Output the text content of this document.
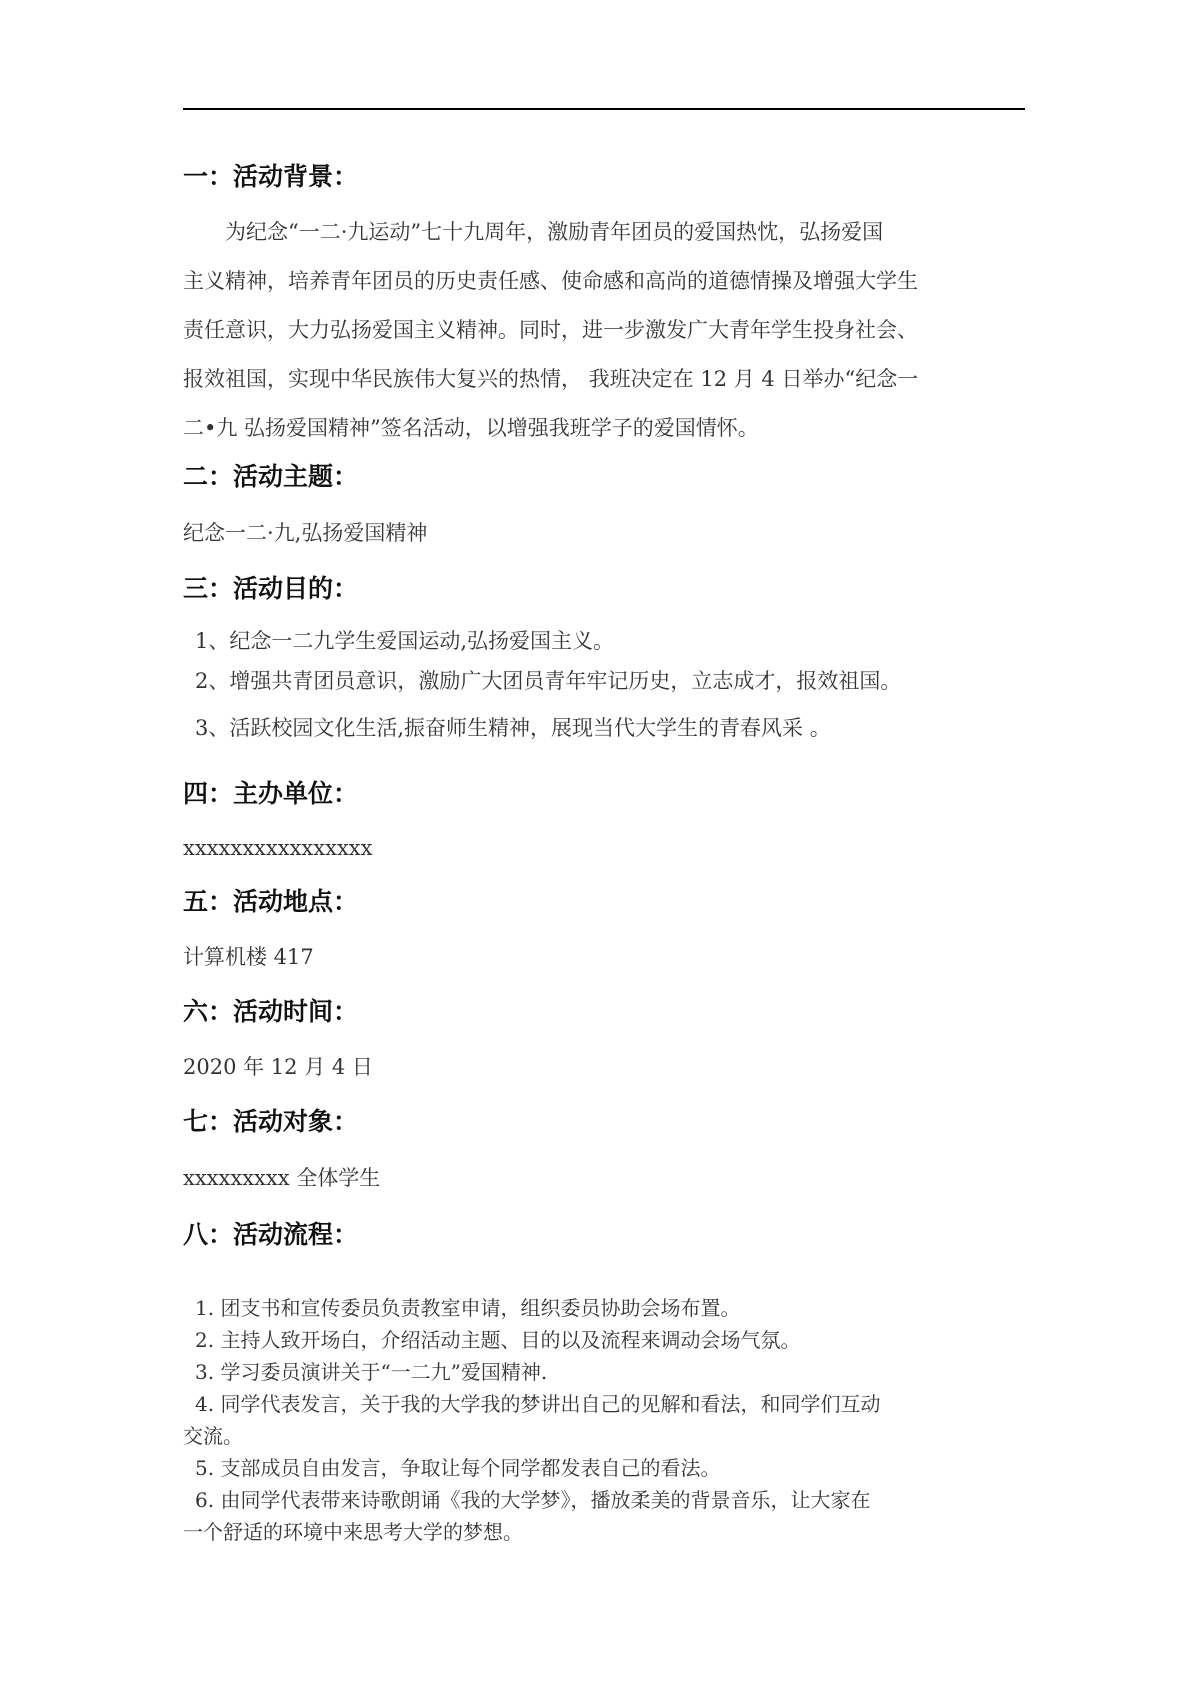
一：活动背景：
为纪念“一二·九运动”七十九周年，激励青年团员的爱国热忱，弘扬爱国
主义精神，培养青年团员的历史责任感、使命感和高尚的道德情操及增强大学生
责任意识，大力弘扬爱国主义精神。同时，进一步激发广大青年学生投身社会、
报效祖国，实现中华民族伟大复兴的热情， 我班决定在 12 月 4 日举办“纪念一
二•九 弘扬爱国精神”签名活动，以增强我班学子的爱国情怀。
二：活动主题：

纪念一二·九,弘扬爱国精神

三：活动目的：

1、纪念一二九学生爱国运动,弘扬爱国主义。

2、增强共青团员意识，激励广大团员青年牢记历史，立志成才，报效祖国。

3、活跃校园文化生活,振奋师生精神，展现当代大学生的青春风采 。

四：主办单位：

xxxxxxxxxxxxxxxx

五：活动地点：

计算机楼 417

六：活动时间：

2020 年 12 月 4 日

七：活动对象：

xxxxxxxxx 全体学生

八：活动流程：

1. 团支书和宣传委员负责教室申请，组织委员协助会场布置。

2. 主持人致开场白，介绍活动主题、目的以及流程来调动会场气氛。

3. 学习委员演讲关于“一二九”爱国精神.

4. 同学代表发言，关于我的大学我的梦讲出自己的见解和看法，和同学们互动

交流。

5. 支部成员自由发言，争取让每个同学都发表自己的看法。

6. 由同学代表带来诗歌朗诵《我的大学梦》，播放柔美的背景音乐，让大家在

一个舒适的环境中来思考大学的梦想。
